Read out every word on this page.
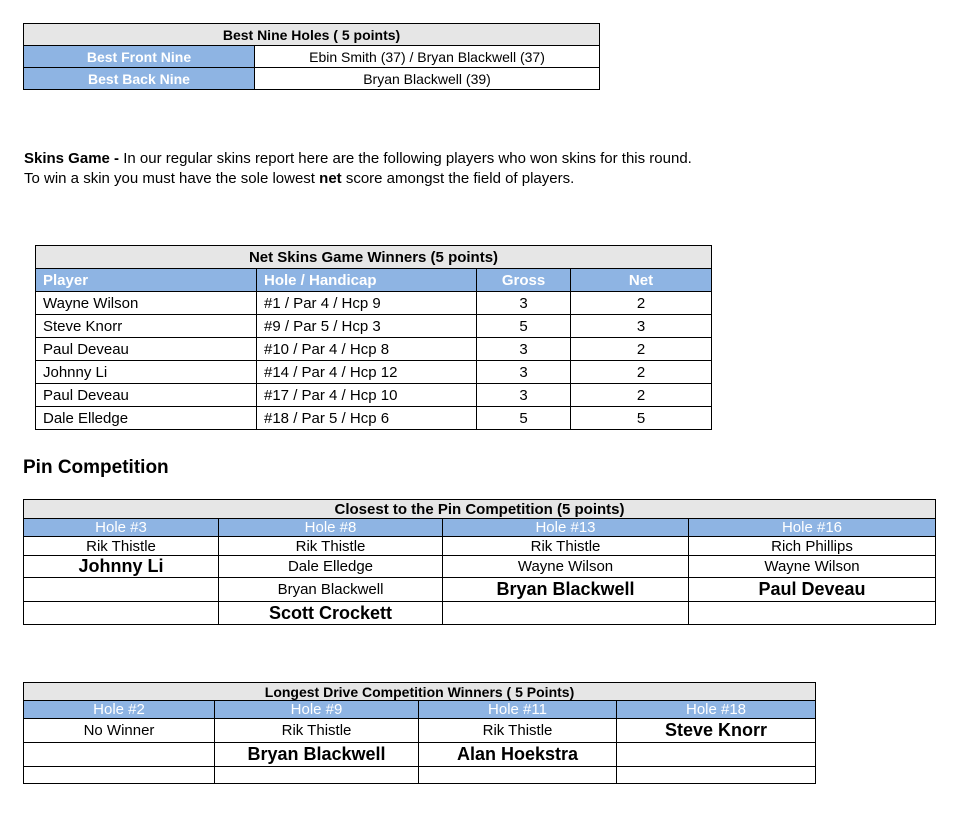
Best Nine Holes ( 5 points)	
Best Front Nine	Ebin Smith (37) / Bryan Blackwell (37)
Best Back Nine	Bryan Blackwell (39)
Skins Game - In our regular skins report here are the following players who won skins for this round.
To win a skin you must have the sole lowest net score amongst the field of players.
Net Skins Game Winners (5 points)			
Player	Hole / Handicap	Gross	Net
Wayne Wilson	#1 / Par 4 / Hcp 9	3	2
Steve Knorr	#9 / Par 5 / Hcp 3	5	3
Paul Deveau	#10 / Par 4 / Hcp 8	3	2
Johnny Li	#14 / Par 4 / Hcp 12	3	2
Paul Deveau	#17 / Par 4 / Hcp 10	3	2
Dale Elledge	#18 / Par 5 / Hcp 6	5	5
Pin Competition
Closest to the Pin Competition (5 points)			
Hole #3	Hole #8	Hole #13	Hole #16
Rik Thistle	Rik Thistle	Rik Thistle	Rich Phillips
Johnny Li	Dale Elledge	Wayne Wilson	Wayne Wilson
	Bryan Blackwell	Bryan Blackwell	Paul Deveau
	Scott Crockett		
Longest Drive Competition Winners ( 5 Points)			
Hole #2	Hole #9	Hole #11	Hole #18
No Winner	Rik Thistle	Rik Thistle	Steve Knorr
	Bryan Blackwell	Alan Hoekstra	
